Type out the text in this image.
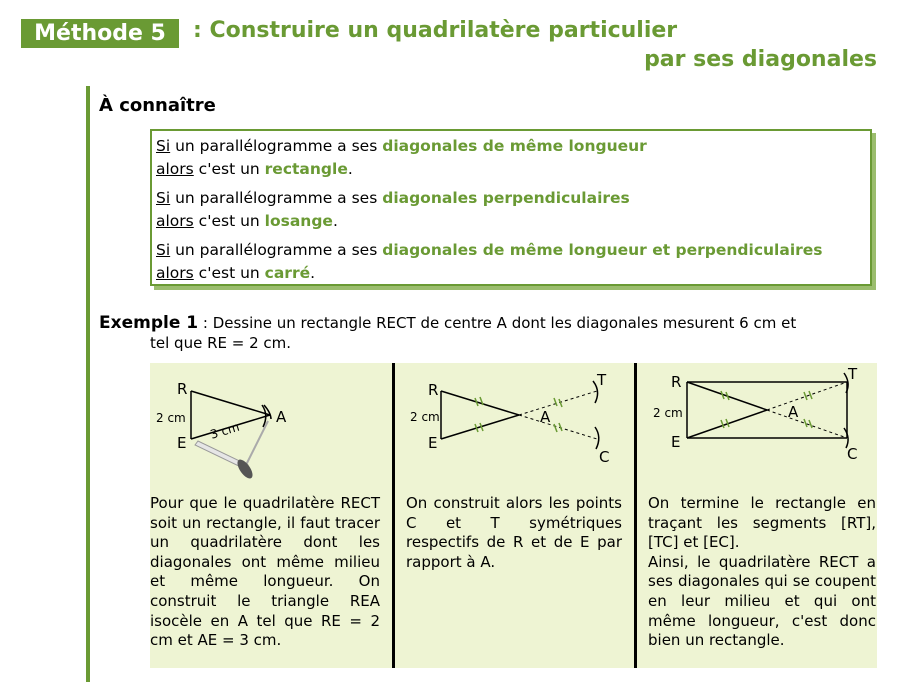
Méthode 5	: Construire un quadrilatère particulier
par ses diagonales
À connaître
Si un parallélogramme a ses diagonales de même longueur
alors c'est un rectangle.
Si un parallélogramme a ses diagonales perpendiculaires
alors c'est un losange.
Si un parallélogramme a ses diagonales de même longueur et perpendiculaires
alors c'est un carré.
Exemple 1 : Dessine un rectangle RECT de centre A dont les diagonales mesurent 6 cm et
tel que RE = 2 cm.
R
E
A
2 cm
3 cm
R
E
A
T
C
2 cm
R
E
A
T
C
2 cm
Pour que le quadrilatère RECT soit un rectangle, il faut tracer un quadrilatère dont les diagonales ont même milieu et même longueur. On construit le triangle REA isocèle en A tel que RE = 2 cm et AE = 3 cm.
On construit alors les points C et T symétriques respectifs de R et de E par rapport à A.
On termine le rectangle en traçant les segments [RT], [TC] et [EC].
Ainsi, le quadrilatère RECT a ses diagonales qui se coupent en leur milieu et qui ont même longueur, c'est donc bien un rectangle.
